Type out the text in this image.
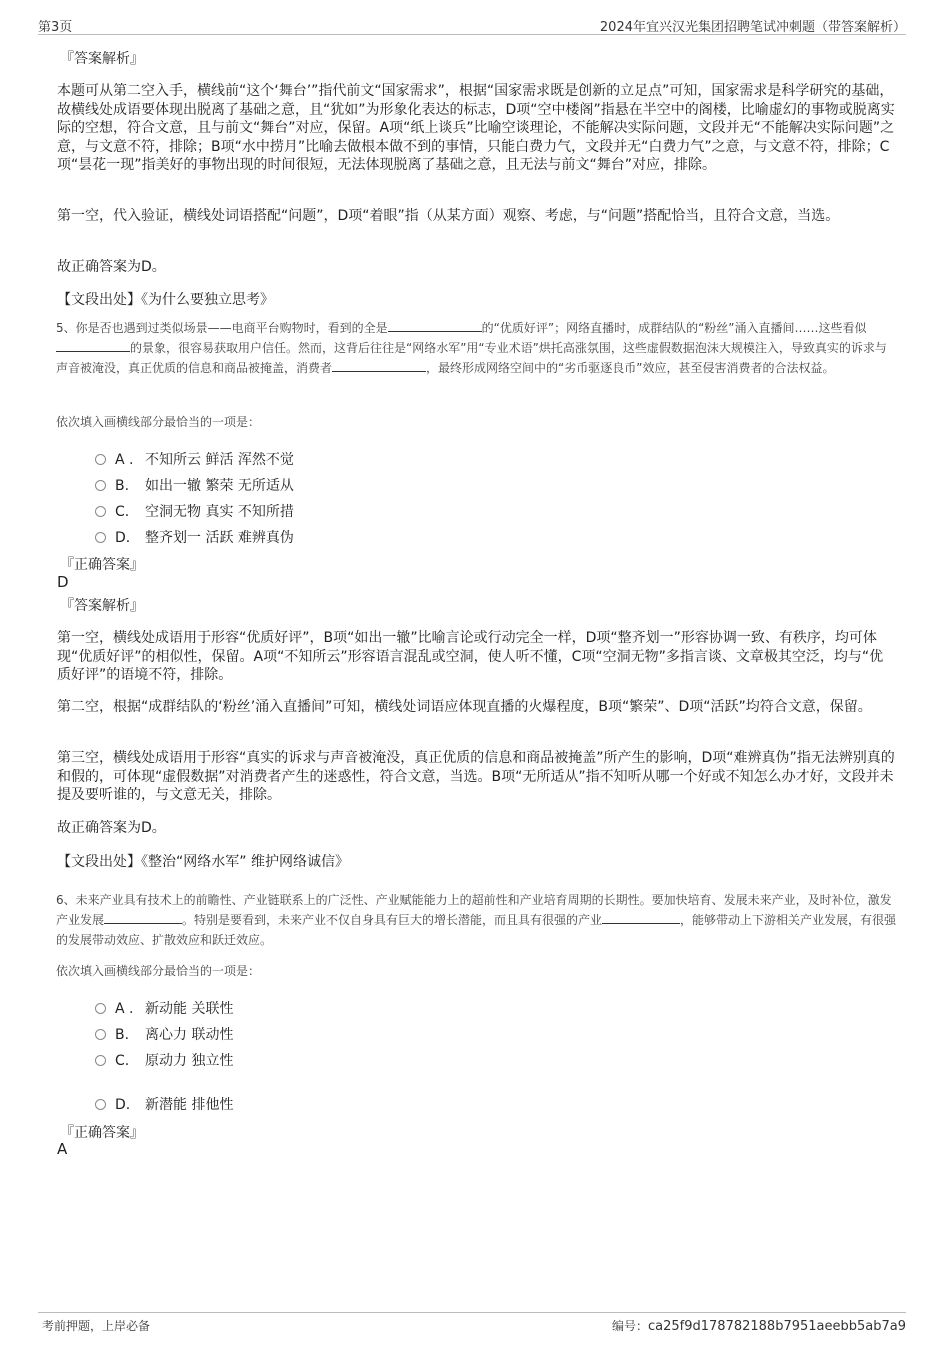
第3页	2024年宜兴汉光集团招聘笔试冲刺题（带答案解析）
『答案解析』
本题可从第二空入手，横线前“这个‘舞台’”指代前文“国家需求”，根据“国家需求既是创新的立足点”可知，国家需求是科学研究的基础，故横线处成语要体现出脱离了基础之意，且“犹如”为形象化表达的标志，D项“空中楼阁”指悬在半空中的阁楼，比喻虚幻的事物或脱离实际的空想，符合文意，且与前文“舞台”对应，保留。A项“纸上谈兵”比喻空谈理论，不能解决实际问题，文段并无“不能解决实际问题”之意，与文意不符，排除；B项“水中捞月”比喻去做根本做不到的事情，只能白费力气，文段并无“白费力气”之意，与文意不符，排除；C项“昙花一现”指美好的事物出现的时间很短，无法体现脱离了基础之意，且无法与前文“舞台”对应，排除。
第一空，代入验证，横线处词语搭配“问题”，D项“着眼”指（从某方面）观察、考虑，与“问题”搭配恰当，且符合文意，当选。
故正确答案为D。
【文段出处】《为什么要独立思考》
5、你是否也遇到过类似场景——电商平台购物时，看到的全是	的“优质好评”；网络直播时，成群结队的“粉丝”涌入直播间……这些看似的景象，很容易获取用户信任。然而，这背后往往是“网络水军”用“专业术语”烘托高涨氛围，这些虚假数据泡沫大规模注入，导致真实的诉求与声音被淹没，真正优质的信息和商品被掩盖，消费者	，最终形成网络空间中的“劣币驱逐良币”效应，甚至侵害消费者的合法权益。
依次填入画横线部分最恰当的一项是：
A . 不知所云 鲜活 浑然不觉
B. 如出一辙 繁荣 无所适从
C. 空洞无物 真实 不知所措
D. 整齐划一 活跃 难辨真伪
『正确答案』
D
『答案解析』
第一空，横线处成语用于形容“优质好评”，B项“如出一辙”比喻言论或行动完全一样，D项“整齐划一”形容协调一致、有秩序，均可体现“优质好评”的相似性，保留。A项“不知所云”形容语言混乱或空洞，使人听不懂，C项“空洞无物”多指言谈、文章极其空泛，均与“优质好评”的语境不符，排除。
第二空，根据“成群结队的‘粉丝’涌入直播间”可知，横线处词语应体现直播的火爆程度，B项“繁荣”、D项“活跃”均符合文意，保留。
第三空，横线处成语用于形容“真实的诉求与声音被淹没，真正优质的信息和商品被掩盖”所产生的影响，D项“难辨真伪”指无法辨别真的和假的，可体现“虚假数据”对消费者产生的迷惑性，符合文意，当选。B项“无所适从”指不知听从哪一个好或不知怎么办才好，文段并未提及要听谁的，与文意无关，排除。
故正确答案为D。
【文段出处】《整治“网络水军” 维护网络诚信》
6、未来产业具有技术上的前瞻性、产业链联系上的广泛性、产业赋能能力上的超前性和产业培育周期的长期性。要加快培育、发展未来产业，及时补位，激发产业发展	。特别是要看到，未来产业不仅自身具有巨大的增长潜能，而且具有很强的产业	，能够带动上下游相关产业发展，有很强的发展带动效应、扩散效应和跃迁效应。
依次填入画横线部分最恰当的一项是：
A . 新动能 关联性
B. 离心力 联动性
C. 原动力 独立性
D. 新潜能 排他性
『正确答案』
A
考前押题，上岸必备	编号：ca25f9d178782188b7951aeebb5ab7a9
